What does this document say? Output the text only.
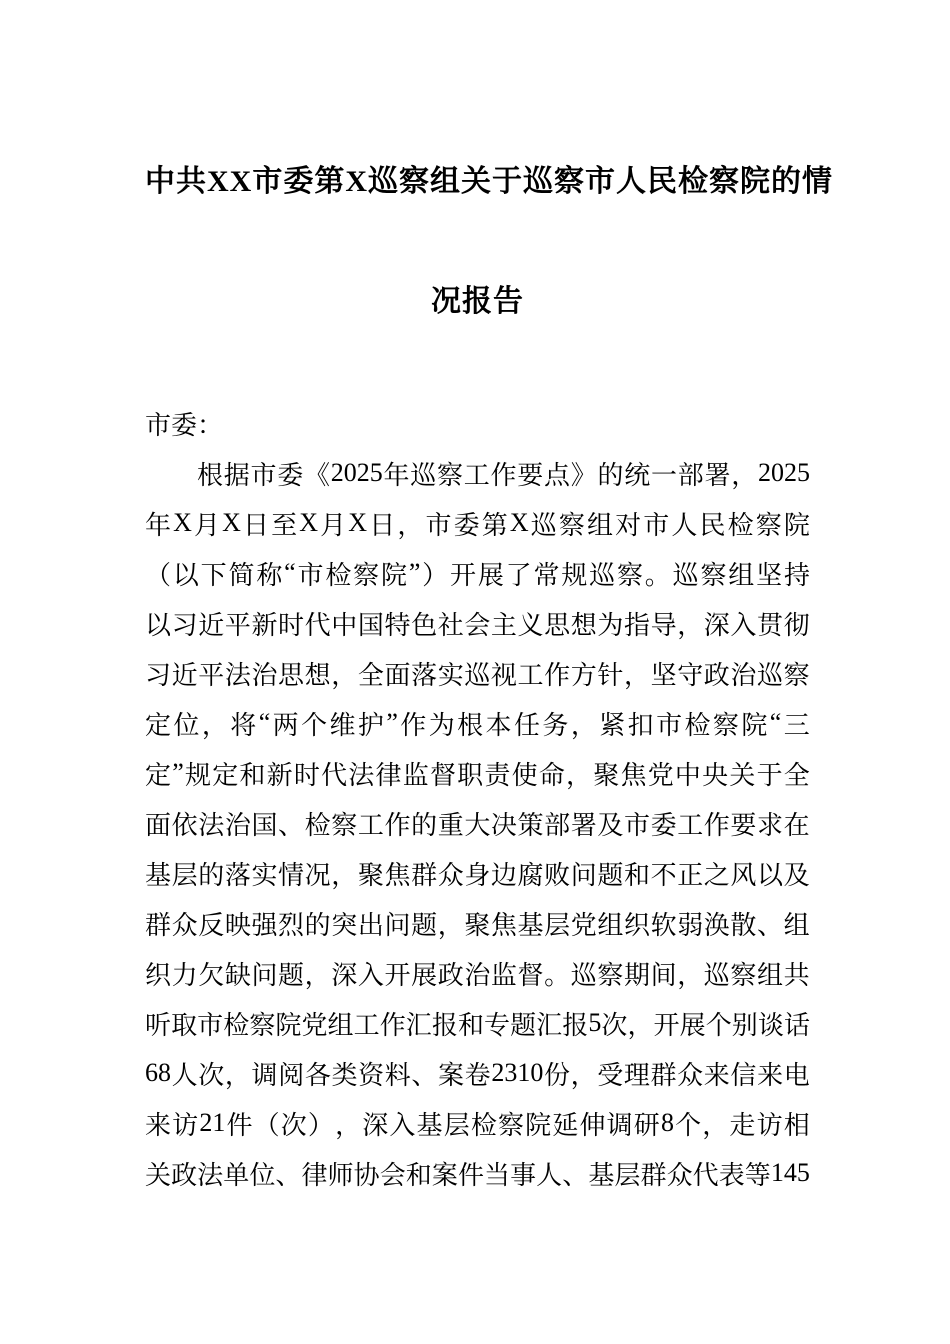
中共XX市委第X巡察组关于巡察市人民检察院的情
况报告
市委：
根 据 市 委 《 2025 年 巡 察 工 作 要 点 》 的 统 一 部 署 ， 2025
年 X 月 X 日 至 X 月 X 日 ， 市 委 第 X 巡 察 组 对 市 人 民 检 察 院
（ 以 下 简 称 “ 市 检 察 院 ” ） 开 展 了 常 规 巡 察 。 巡 察 组 坚 持
以 习 近 平 新 时 代 中 国 特 色 社 会 主 义 思 想 为 指 导 ， 深 入 贯 彻
习 近 平 法 治 思 想 ， 全 面 落 实 巡 视 工 作 方 针 ， 坚 守 政 治 巡 察
定 位 ， 将 “ 两 个 维 护 ” 作 为 根 本 任 务 ， 紧 扣 市 检 察 院 “ 三
定 ” 规 定 和 新 时 代 法 律 监 督 职 责 使 命 ， 聚 焦 党 中 央 关 于 全
面 依 法 治 国 、 检 察 工 作 的 重 大 决 策 部 署 及 市 委 工 作 要 求 在
基 层 的 落 实 情 况 ， 聚 焦 群 众 身 边 腐 败 问 题 和 不 正 之 风 以 及
群 众 反 映 强 烈 的 突 出 问 题 ， 聚 焦 基 层 党 组 织 软 弱 涣 散 、 组
织 力 欠 缺 问 题 ， 深 入 开 展 政 治 监 督 。 巡 察 期 间 ， 巡 察 组 共
听 取 市 检 察 院 党 组 工 作 汇 报 和 专 题 汇 报 5 次 ， 开 展 个 别 谈 话
68 人 次 ， 调 阅 各 类 资 料 、 案 卷 2310 份 ， 受 理 群 众 来 信 来 电
来 访 21 件 （ 次 ） ， 深 入 基 层 检 察 院 延 伸 调 研 8 个 ， 走 访 相
关 政 法 单 位 、 律 师 协 会 和 案 件 当 事 人 、 基 层 群 众 代 表 等 145
